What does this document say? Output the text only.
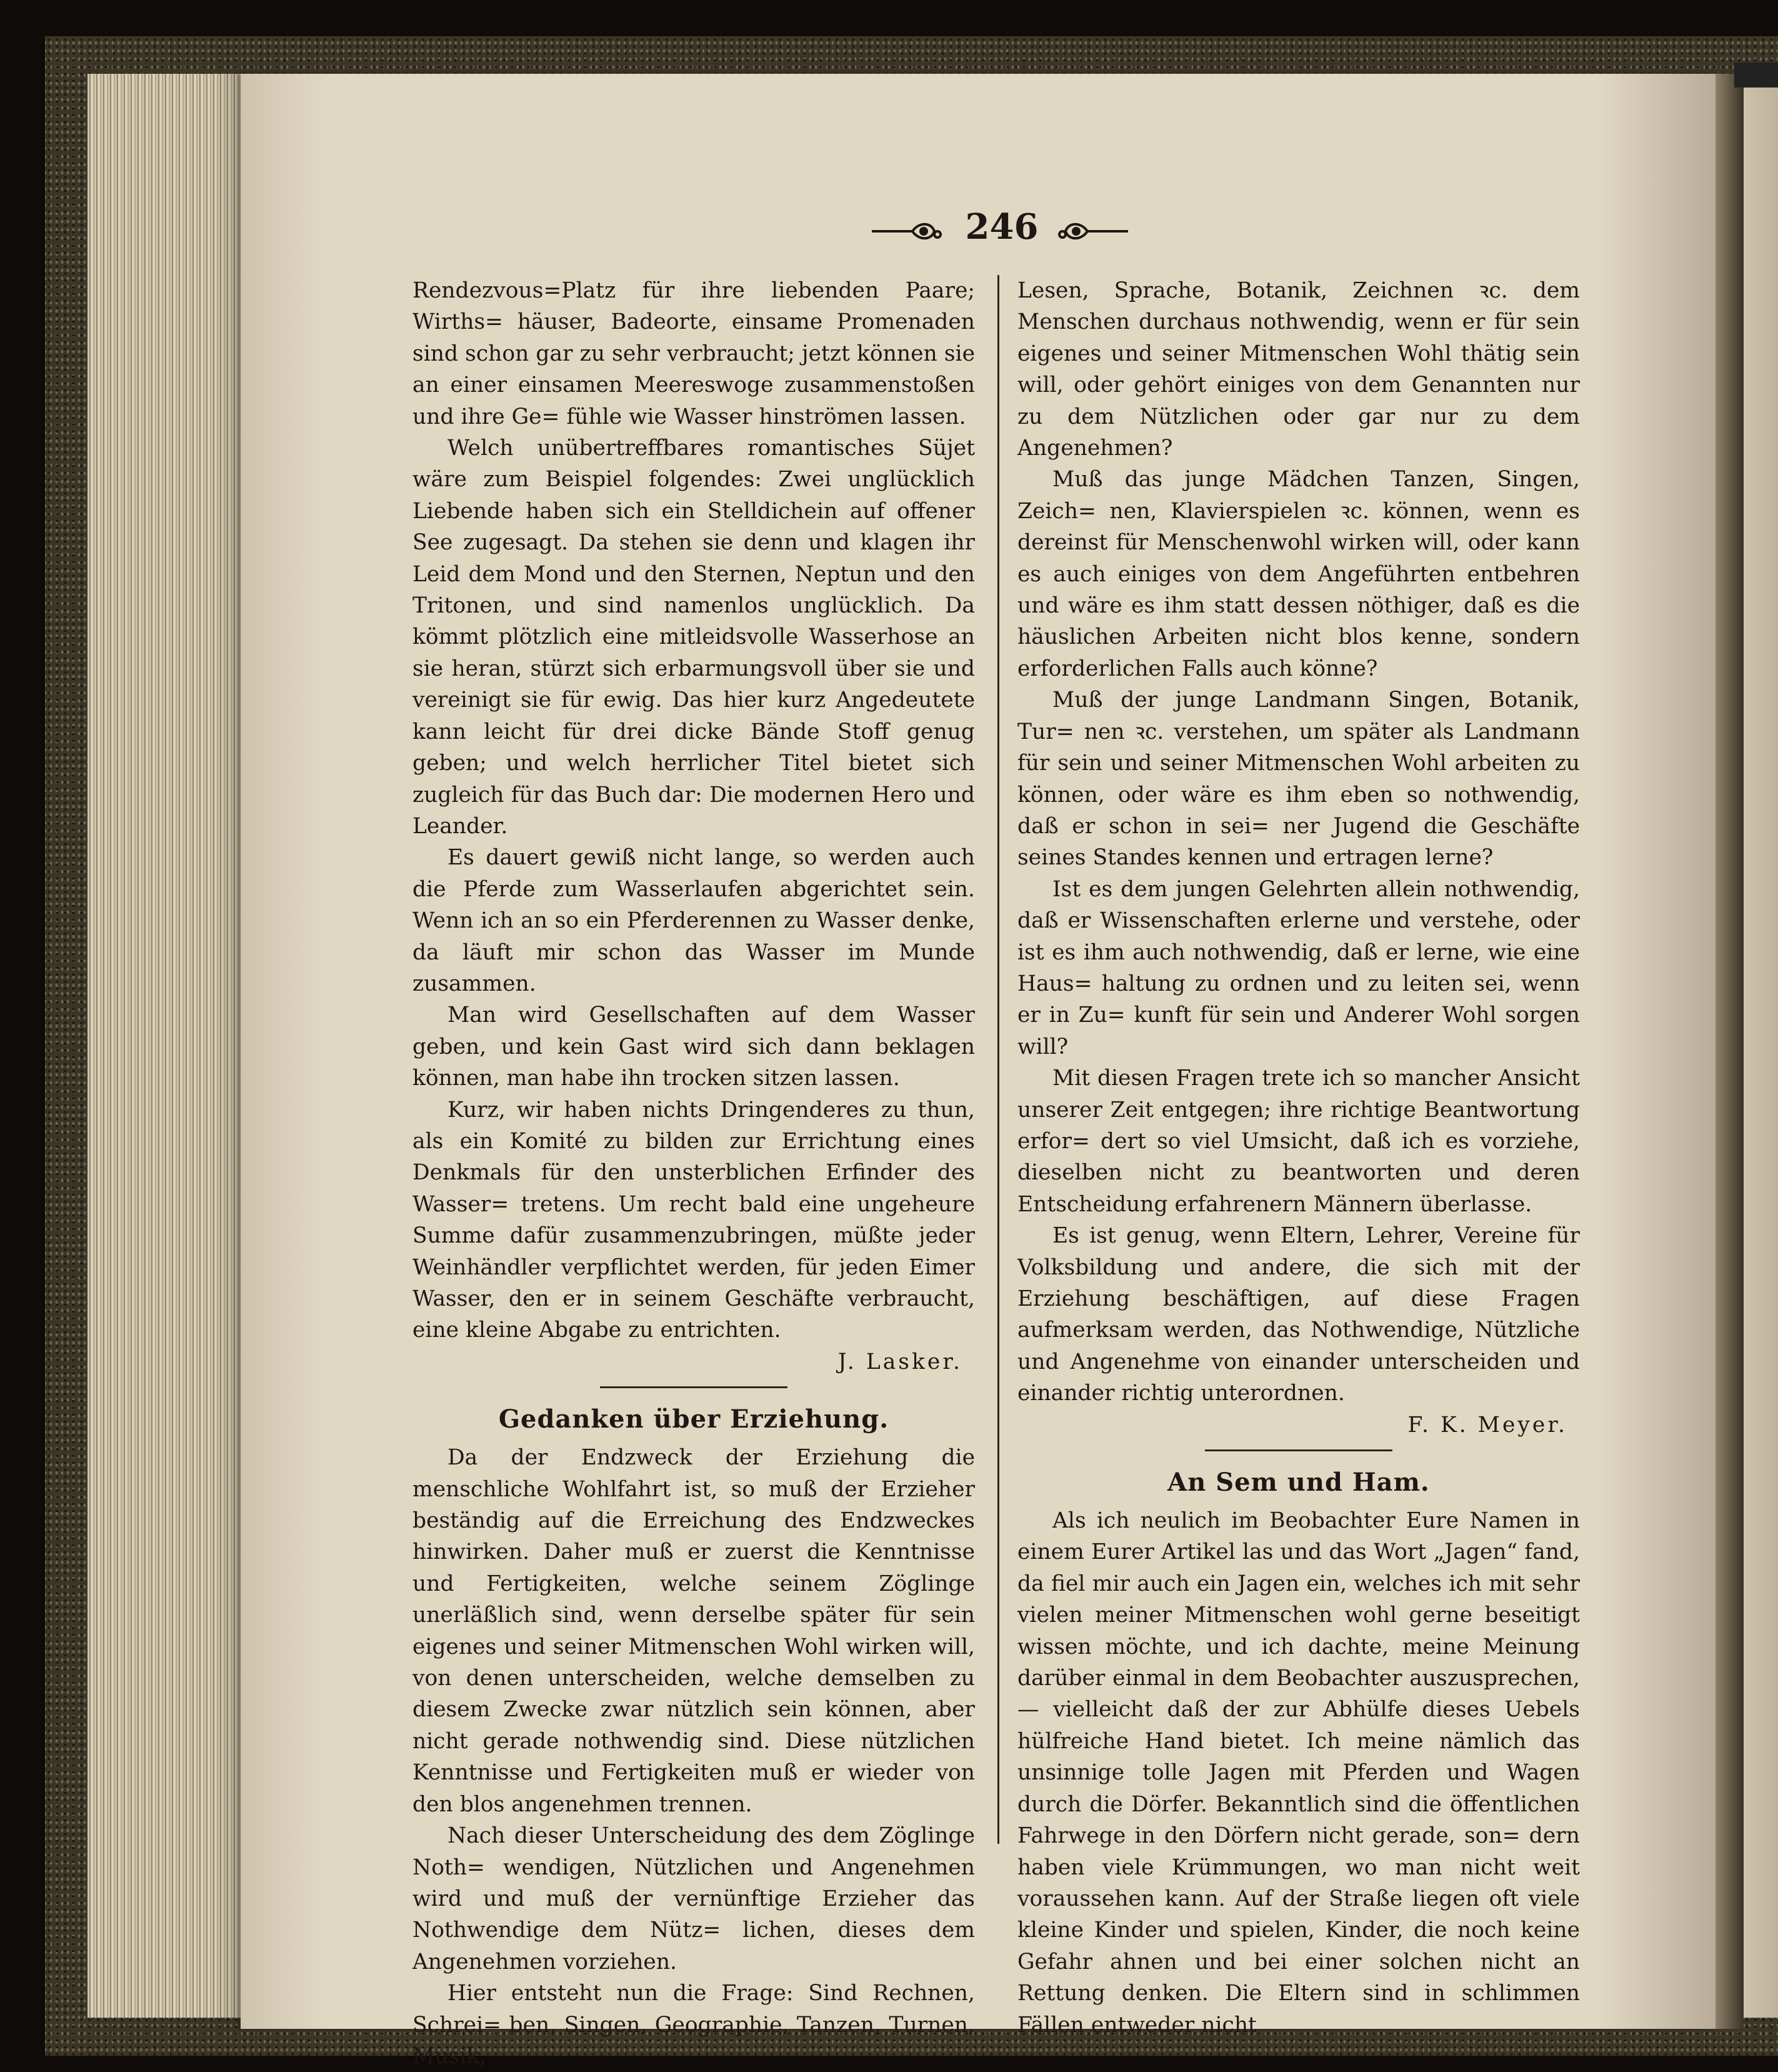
246

Rendezvous=Platz für ihre liebenden Paare; Wirths= häuser, Badeorte, einsame Promenaden sind schon gar zu sehr verbraucht; jetzt können sie an einer einsamen Meereswoge zusammenstoßen und ihre Ge= fühle wie Wasser hinströmen lassen.

Welch unübertreffbares romantisches Süjet wäre zum Beispiel folgendes: Zwei unglücklich Liebende haben sich ein Stelldichein auf offener See zugesagt. Da stehen sie denn und klagen ihr Leid dem Mond und den Sternen, Neptun und den Tritonen, und sind namenlos unglücklich. Da kömmt plötzlich eine mitleidsvolle Wasserhose an sie heran, stürzt sich erbarmungsvoll über sie und vereinigt sie für ewig. Das hier kurz Angedeutete kann leicht für drei dicke Bände Stoff genug geben; und welch herrlicher Titel bietet sich zugleich für das Buch dar: Die modernen Hero und Leander.

Es dauert gewiß nicht lange, so werden auch die Pferde zum Wasserlaufen abgerichtet sein. Wenn ich an so ein Pferderennen zu Wasser denke, da läuft mir schon das Wasser im Munde zusammen.

Man wird Gesellschaften auf dem Wasser geben, und kein Gast wird sich dann beklagen können, man habe ihn trocken sitzen lassen.

Kurz, wir haben nichts Dringenderes zu thun, als ein Komité zu bilden zur Errichtung eines Denkmals für den unsterblichen Erfinder des Wasser= tretens. Um recht bald eine ungeheure Summe dafür zusammenzubringen, müßte jeder Weinhändler verpflichtet werden, für jeden Eimer Wasser, den er in seinem Geschäfte verbraucht, eine kleine Abgabe zu entrichten.

J. Lasker.

Gedanken über Erziehung.

Da der Endzweck der Erziehung die menschliche Wohlfahrt ist, so muß der Erzieher beständig auf die Erreichung des Endzweckes hinwirken. Daher muß er zuerst die Kenntnisse und Fertigkeiten, welche seinem Zöglinge unerläßlich sind, wenn derselbe später für sein eigenes und seiner Mitmenschen Wohl wirken will, von denen unterscheiden, welche demselben zu diesem Zwecke zwar nützlich sein können, aber nicht gerade nothwendig sind. Diese nützlichen Kenntnisse und Fertigkeiten muß er wieder von den blos angenehmen trennen.

Nach dieser Unterscheidung des dem Zöglinge Noth= wendigen, Nützlichen und Angenehmen wird und muß der vernünftige Erzieher das Nothwendige dem Nütz= lichen, dieses dem Angenehmen vorziehen.

Hier entsteht nun die Frage: Sind Rechnen, Schrei= ben, Singen, Geographie, Tanzen, Turnen, Musik,

Lesen, Sprache, Botanik, Zeichnen ꝛc. dem Menschen durchaus nothwendig, wenn er für sein eigenes und seiner Mitmenschen Wohl thätig sein will, oder gehört einiges von dem Genannten nur zu dem Nützlichen oder gar nur zu dem Angenehmen?

Muß das junge Mädchen Tanzen, Singen, Zeich= nen, Klavierspielen ꝛc. können, wenn es dereinst für Menschenwohl wirken will, oder kann es auch einiges von dem Angeführten entbehren und wäre es ihm statt dessen nöthiger, daß es die häuslichen Arbeiten nicht blos kenne, sondern erforderlichen Falls auch könne?

Muß der junge Landmann Singen, Botanik, Tur= nen ꝛc. verstehen, um später als Landmann für sein und seiner Mitmenschen Wohl arbeiten zu können, oder wäre es ihm eben so nothwendig, daß er schon in sei= ner Jugend die Geschäfte seines Standes kennen und ertragen lerne?

Ist es dem jungen Gelehrten allein nothwendig, daß er Wissenschaften erlerne und verstehe, oder ist es ihm auch nothwendig, daß er lerne, wie eine Haus= haltung zu ordnen und zu leiten sei, wenn er in Zu= kunft für sein und Anderer Wohl sorgen will?

Mit diesen Fragen trete ich so mancher Ansicht unserer Zeit entgegen; ihre richtige Beantwortung erfor= dert so viel Umsicht, daß ich es vorziehe, dieselben nicht zu beantworten und deren Entscheidung erfahrenern Männern überlasse.

Es ist genug, wenn Eltern, Lehrer, Vereine für Volksbildung und andere, die sich mit der Erziehung beschäftigen, auf diese Fragen aufmerksam werden, das Nothwendige, Nützliche und Angenehme von einander unterscheiden und einander richtig unterordnen.

F. K. Meyer.

An Sem und Ham.

Als ich neulich im Beobachter Eure Namen in einem Eurer Artikel las und das Wort „Jagen“ fand, da fiel mir auch ein Jagen ein, welches ich mit sehr vielen meiner Mitmenschen wohl gerne beseitigt wissen möchte, und ich dachte, meine Meinung darüber einmal in dem Beobachter auszusprechen, — vielleicht daß der zur Abhülfe dieses Uebels hülfreiche Hand bietet. Ich meine nämlich das unsinnige tolle Jagen mit Pferden und Wagen durch die Dörfer. Bekanntlich sind die öffentlichen Fahrwege in den Dörfern nicht gerade, son= dern haben viele Krümmungen, wo man nicht weit voraussehen kann. Auf der Straße liegen oft viele kleine Kinder und spielen, Kinder, die noch keine Gefahr ahnen und bei einer solchen nicht an Rettung denken. Die Eltern sind in schlimmen Fällen entweder nicht
